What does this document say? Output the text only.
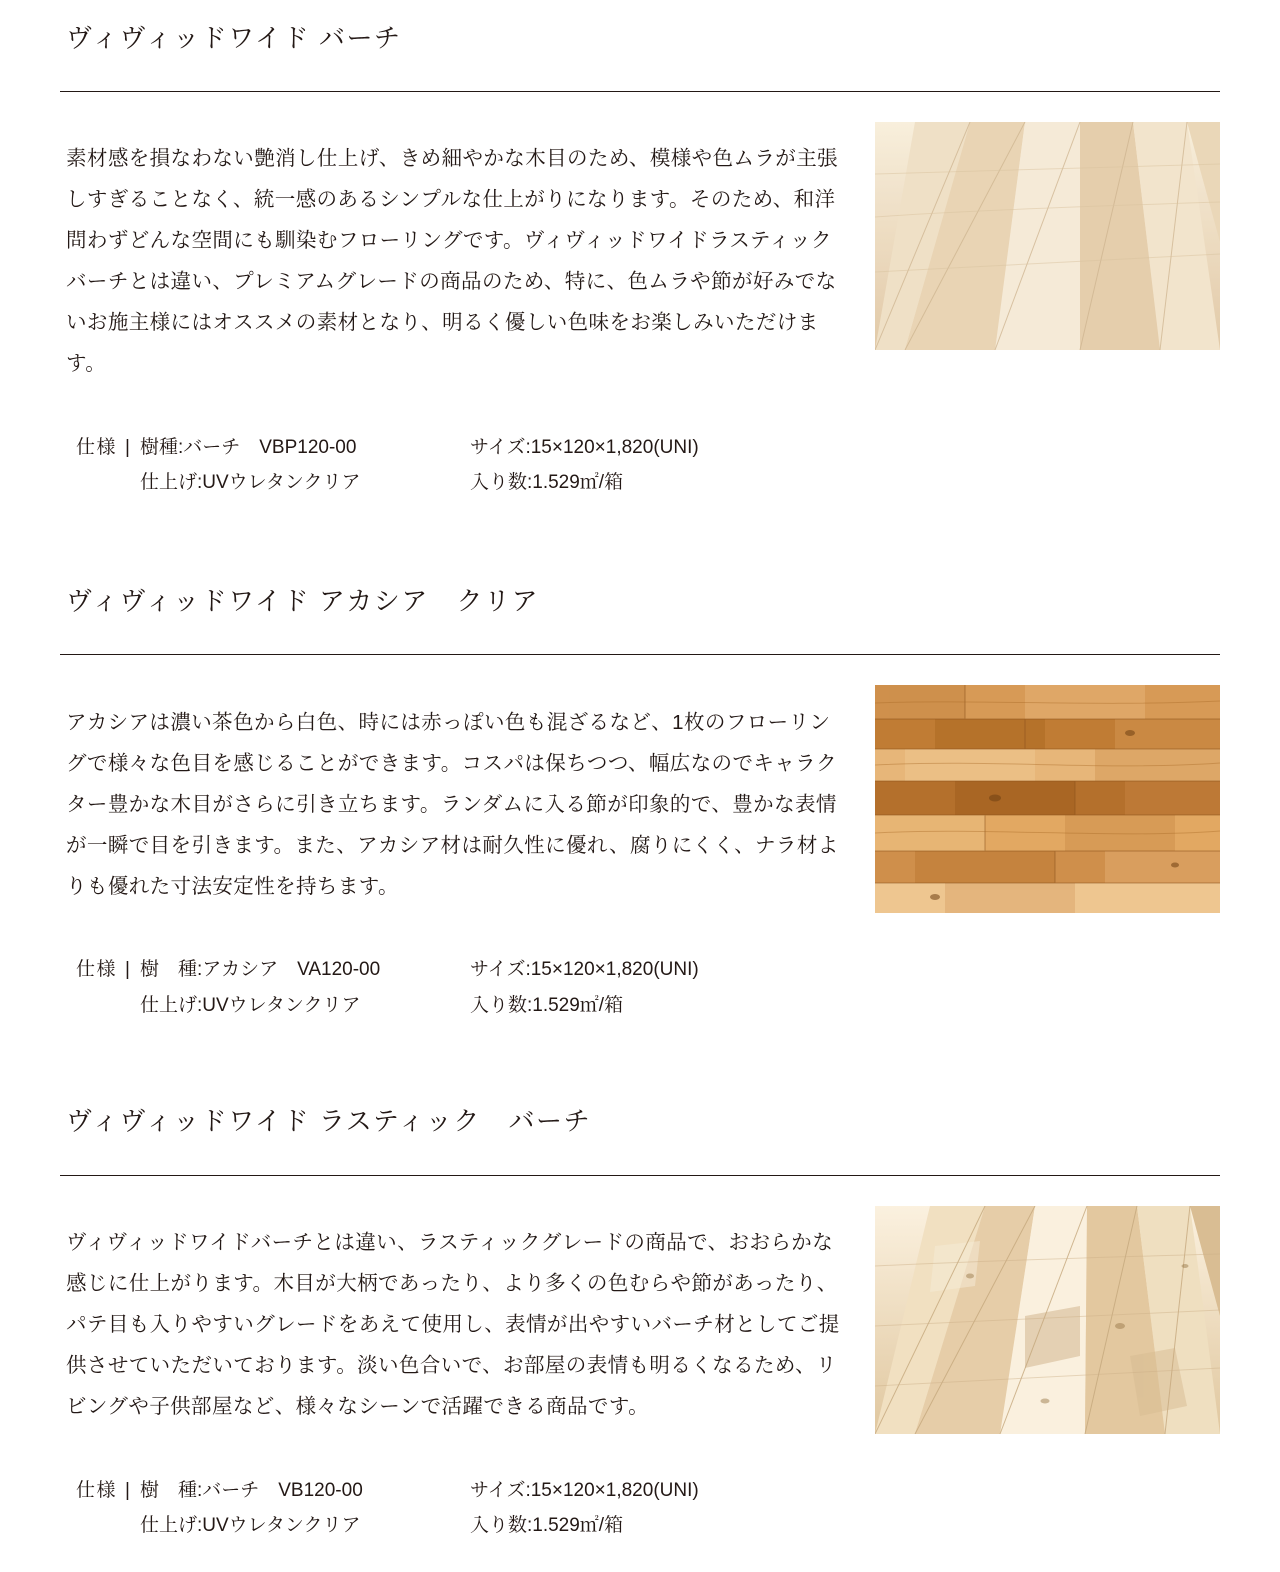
ヴィヴィッドワイド バーチ

素材感を損なわない艶消し仕上げ、きめ細やかな木目のため、模様や色ムラが主張しすぎることなく、統一感のあるシンプルな仕上がりになります。そのため、和洋問わずどんな空間にも馴染むフローリングです。ヴィヴィッドワイドラスティックバーチとは違い、プレミアムグレードの商品のため、特に、色ムラや節が好みでないお施主様にはオススメの素材となり、明るく優しい色味をお楽しみいただけます。

仕様 | 樹種:バーチ　VBP120-00	サイズ:15×120×1,820(UNI)
仕上げ:UVウレタンクリア	入り数:1.529㎡/箱
ヴィヴィッドワイド アカシア　クリア

アカシアは濃い茶色から白色、時には赤っぽい色も混ざるなど、1枚のフローリングで様々な色目を感じることができます。コスパは保ちつつ、幅広なのでキャラクター豊かな木目がさらに引き立ちます。ランダムに入る節が印象的で、豊かな表情が一瞬で目を引きます。また、アカシア材は耐久性に優れ、腐りにくく、ナラ材よりも優れた寸法安定性を持ちます。

仕様 | 樹　種:アカシア　VA120-00	サイズ:15×120×1,820(UNI)
仕上げ:UVウレタンクリア	入り数:1.529㎡/箱
ヴィヴィッドワイド ラスティック　バーチ

ヴィヴィッドワイドバーチとは違い、ラスティックグレードの商品で、おおらかな感じに仕上がります。木目が大柄であったり、より多くの色むらや節があったり、パテ目も入りやすいグレードをあえて使用し、表情が出やすいバーチ材としてご提供させていただいております。淡い色合いで、お部屋の表情も明るくなるため、リビングや子供部屋など、様々なシーンで活躍できる商品です。

仕様 | 樹　種:バーチ　VB120-00	サイズ:15×120×1,820(UNI)
仕上げ:UVウレタンクリア	入り数:1.529㎡/箱
